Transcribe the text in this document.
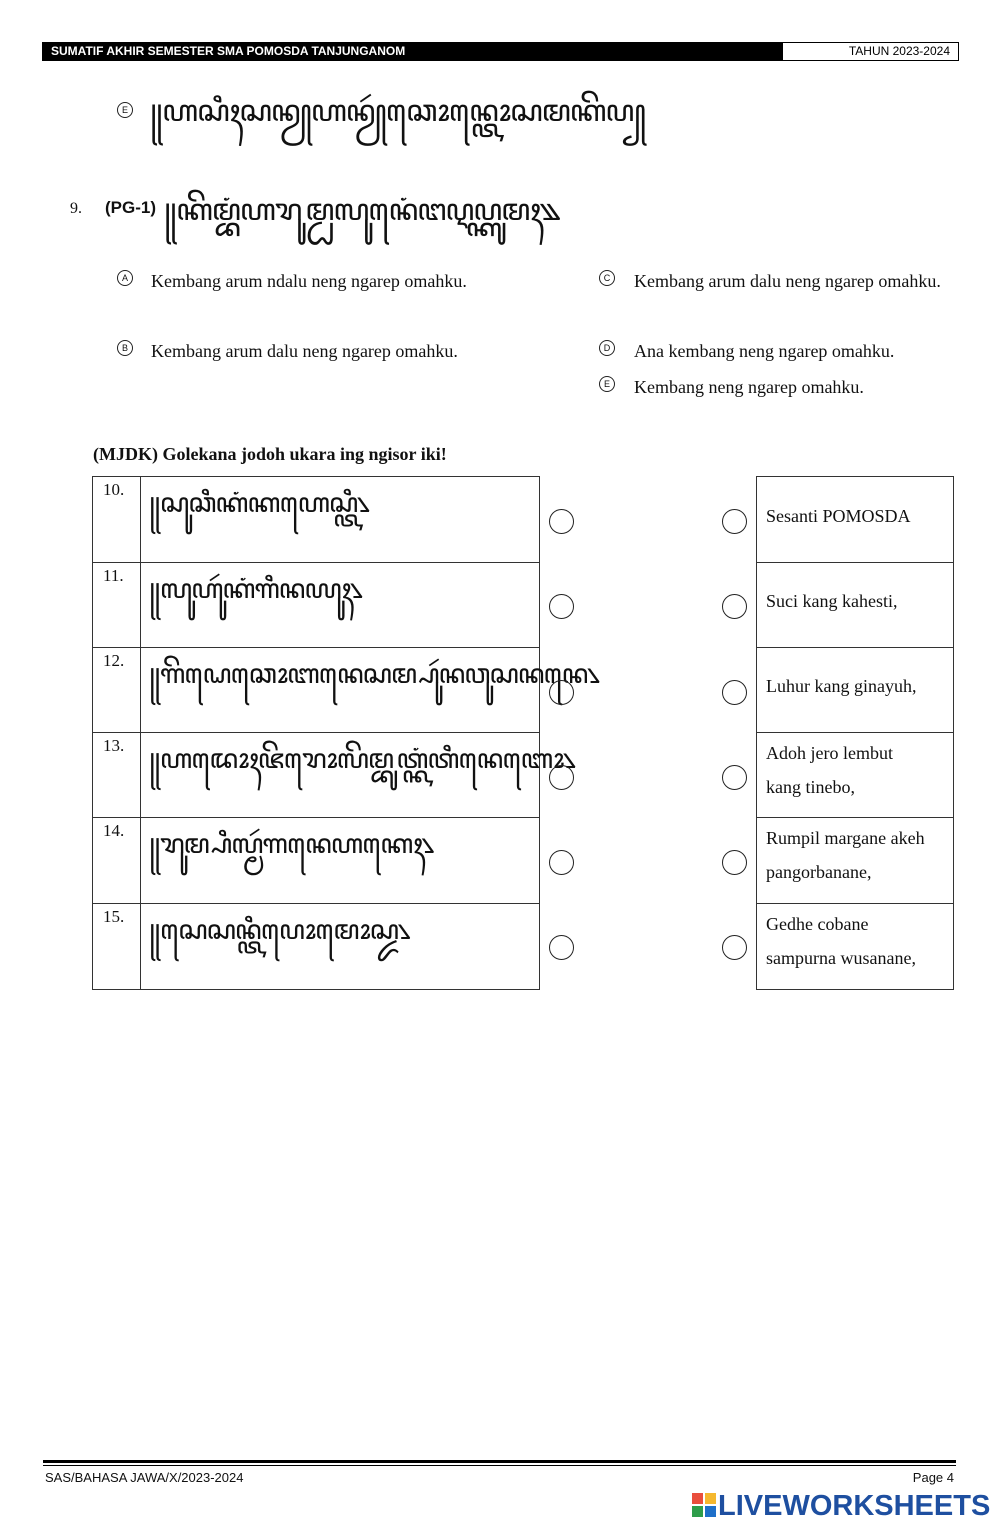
SUMATIF AKHIR SEMESTER SMA POMOSDA TANJUNGANOM	TAHUN 2023-2024
E ꧋ꦲꦱꦶꦃꦱꦤꦾꦲꦤꦾꦂꦕꦺꦴꦤ꧀ꦠꦺꦴꦱꦩꦏꦼꦥ꧀
9. (PG-1) ꧋ꦏꦼꦩ꧀ꦧꦁꦲꦫꦸꦩ꧀ꦝꦭꦸꦤꦺꦁꦔꦉꦥ꧀ꦏꦸꦩꦃ꧉
A Kembang arum ndalu neng ngarep omahku.
B Kembang arum dalu neng ngarep omahku.
C Kembang arum dalu neng ngarep omahku.
D Ana kembang neng ngarep omahku.
E Kembang neng ngarep omahku.
(MJDK) Golekana jodoh ukara ing ngisor iki!
10. ꧋ꦱꦸꦕꦶꦏꦁꦏꦲꦺꦱ꧀ꦠꦶ꧈
11. ꧋ꦭꦸꦲꦸꦂꦏꦁꦒꦶꦤꦪꦸꦃ꧈
12. ꧋ꦒꦼꦝꦺꦕꦺꦴꦧꦤꦺꦱꦩ꧀ꦥꦸꦂꦤꦮꦸꦱꦤꦤꦺ꧈
13. ꧋ꦲꦢꦺꦴꦃꦗꦼꦫꦺꦴꦭꦼꦩ꧀ꦧꦸꦠ꧀ꦏꦁꦠꦶꦤꦺꦧꦺꦴ꧈
14. ꧋ꦫꦸꦩ꧀ꦥꦶꦭ꧀ꦩꦂꦒꦤꦺꦲꦏꦺꦃ꧈
15. ꧋ꦱꦺꦱꦤ꧀ꦠꦶꦥꦺꦴꦩꦺꦴꦱ꧀ꦢ꧈
Sesanti POMOSDA
Suci kang kahesti,
Luhur kang ginayuh,
Adoh jero lembut kang tinebo,
Rumpil margane akeh pangorbanane,
Gedhe cobane sampurna wusanane,
SAS/BAHASA JAWA/X/2023-2024	Page 4
LIVEWORKSHEETS
